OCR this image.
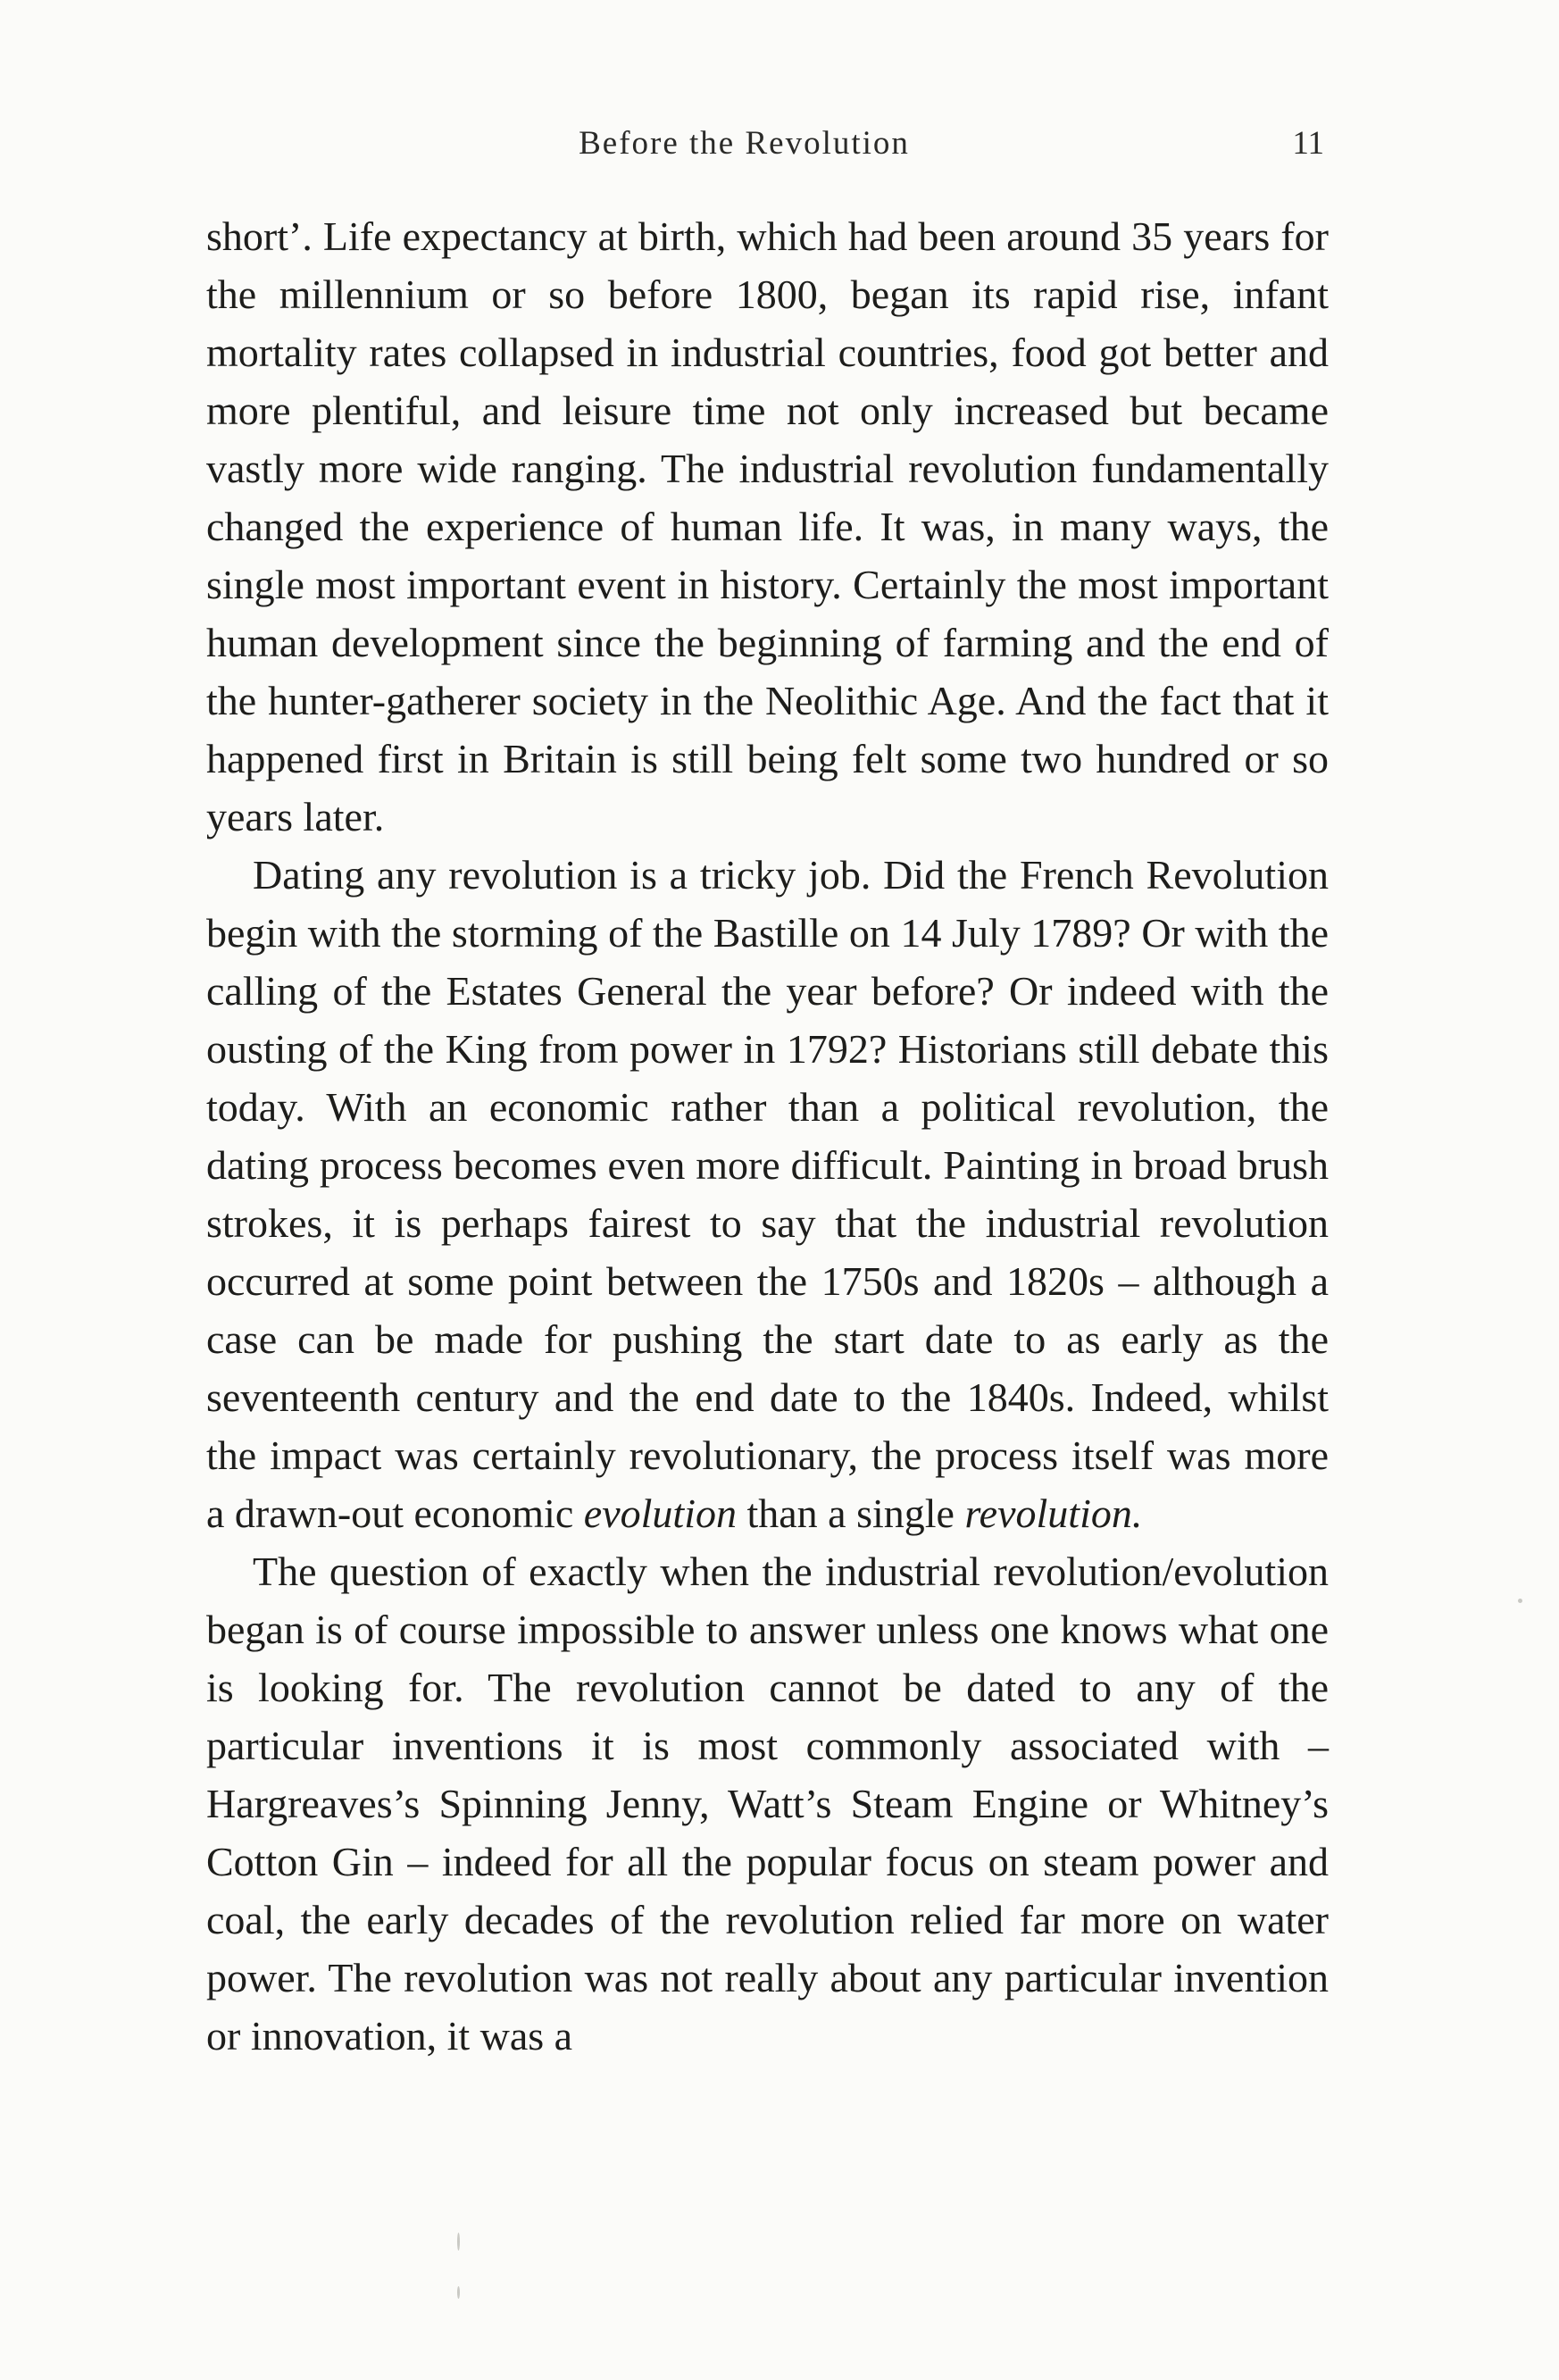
Before the Revolution	11

short’. Life expectancy at birth, which had been around 35 years for the millennium or so before 1800, began its rapid rise, infant mortality rates collapsed in industrial countries, food got better and more plentiful, and leisure time not only increased but became vastly more wide ranging. The industrial revolution fundamentally changed the experience of human life. It was, in many ways, the single most important event in history. Certainly the most important human development since the beginning of farming and the end of the hunter-gatherer society in the Neolithic Age. And the fact that it happened first in Britain is still being felt some two hundred or so years later.

Dating any revolution is a tricky job. Did the French Revolution begin with the storming of the Bastille on 14 July 1789? Or with the calling of the Estates General the year before? Or indeed with the ousting of the King from power in 1792? Historians still debate this today. With an economic rather than a political revolution, the dating process becomes even more difficult. Painting in broad brush strokes, it is perhaps fairest to say that the industrial revolution occurred at some point between the 1750s and 1820s – although a case can be made for pushing the start date to as early as the seventeenth century and the end date to the 1840s. Indeed, whilst the impact was certainly revolutionary, the process itself was more a drawn-out economic evolution than a single revolution.

The question of exactly when the industrial revolution/evolution began is of course impossible to answer unless one knows what one is looking for. The revolution cannot be dated to any of the particular inventions it is most commonly associated with – Hargreaves’s Spinning Jenny, Watt’s Steam Engine or Whitney’s Cotton Gin – indeed for all the popular focus on steam power and coal, the early decades of the revolution relied far more on water power. The revolution was not really about any particular invention or innovation, it was a
